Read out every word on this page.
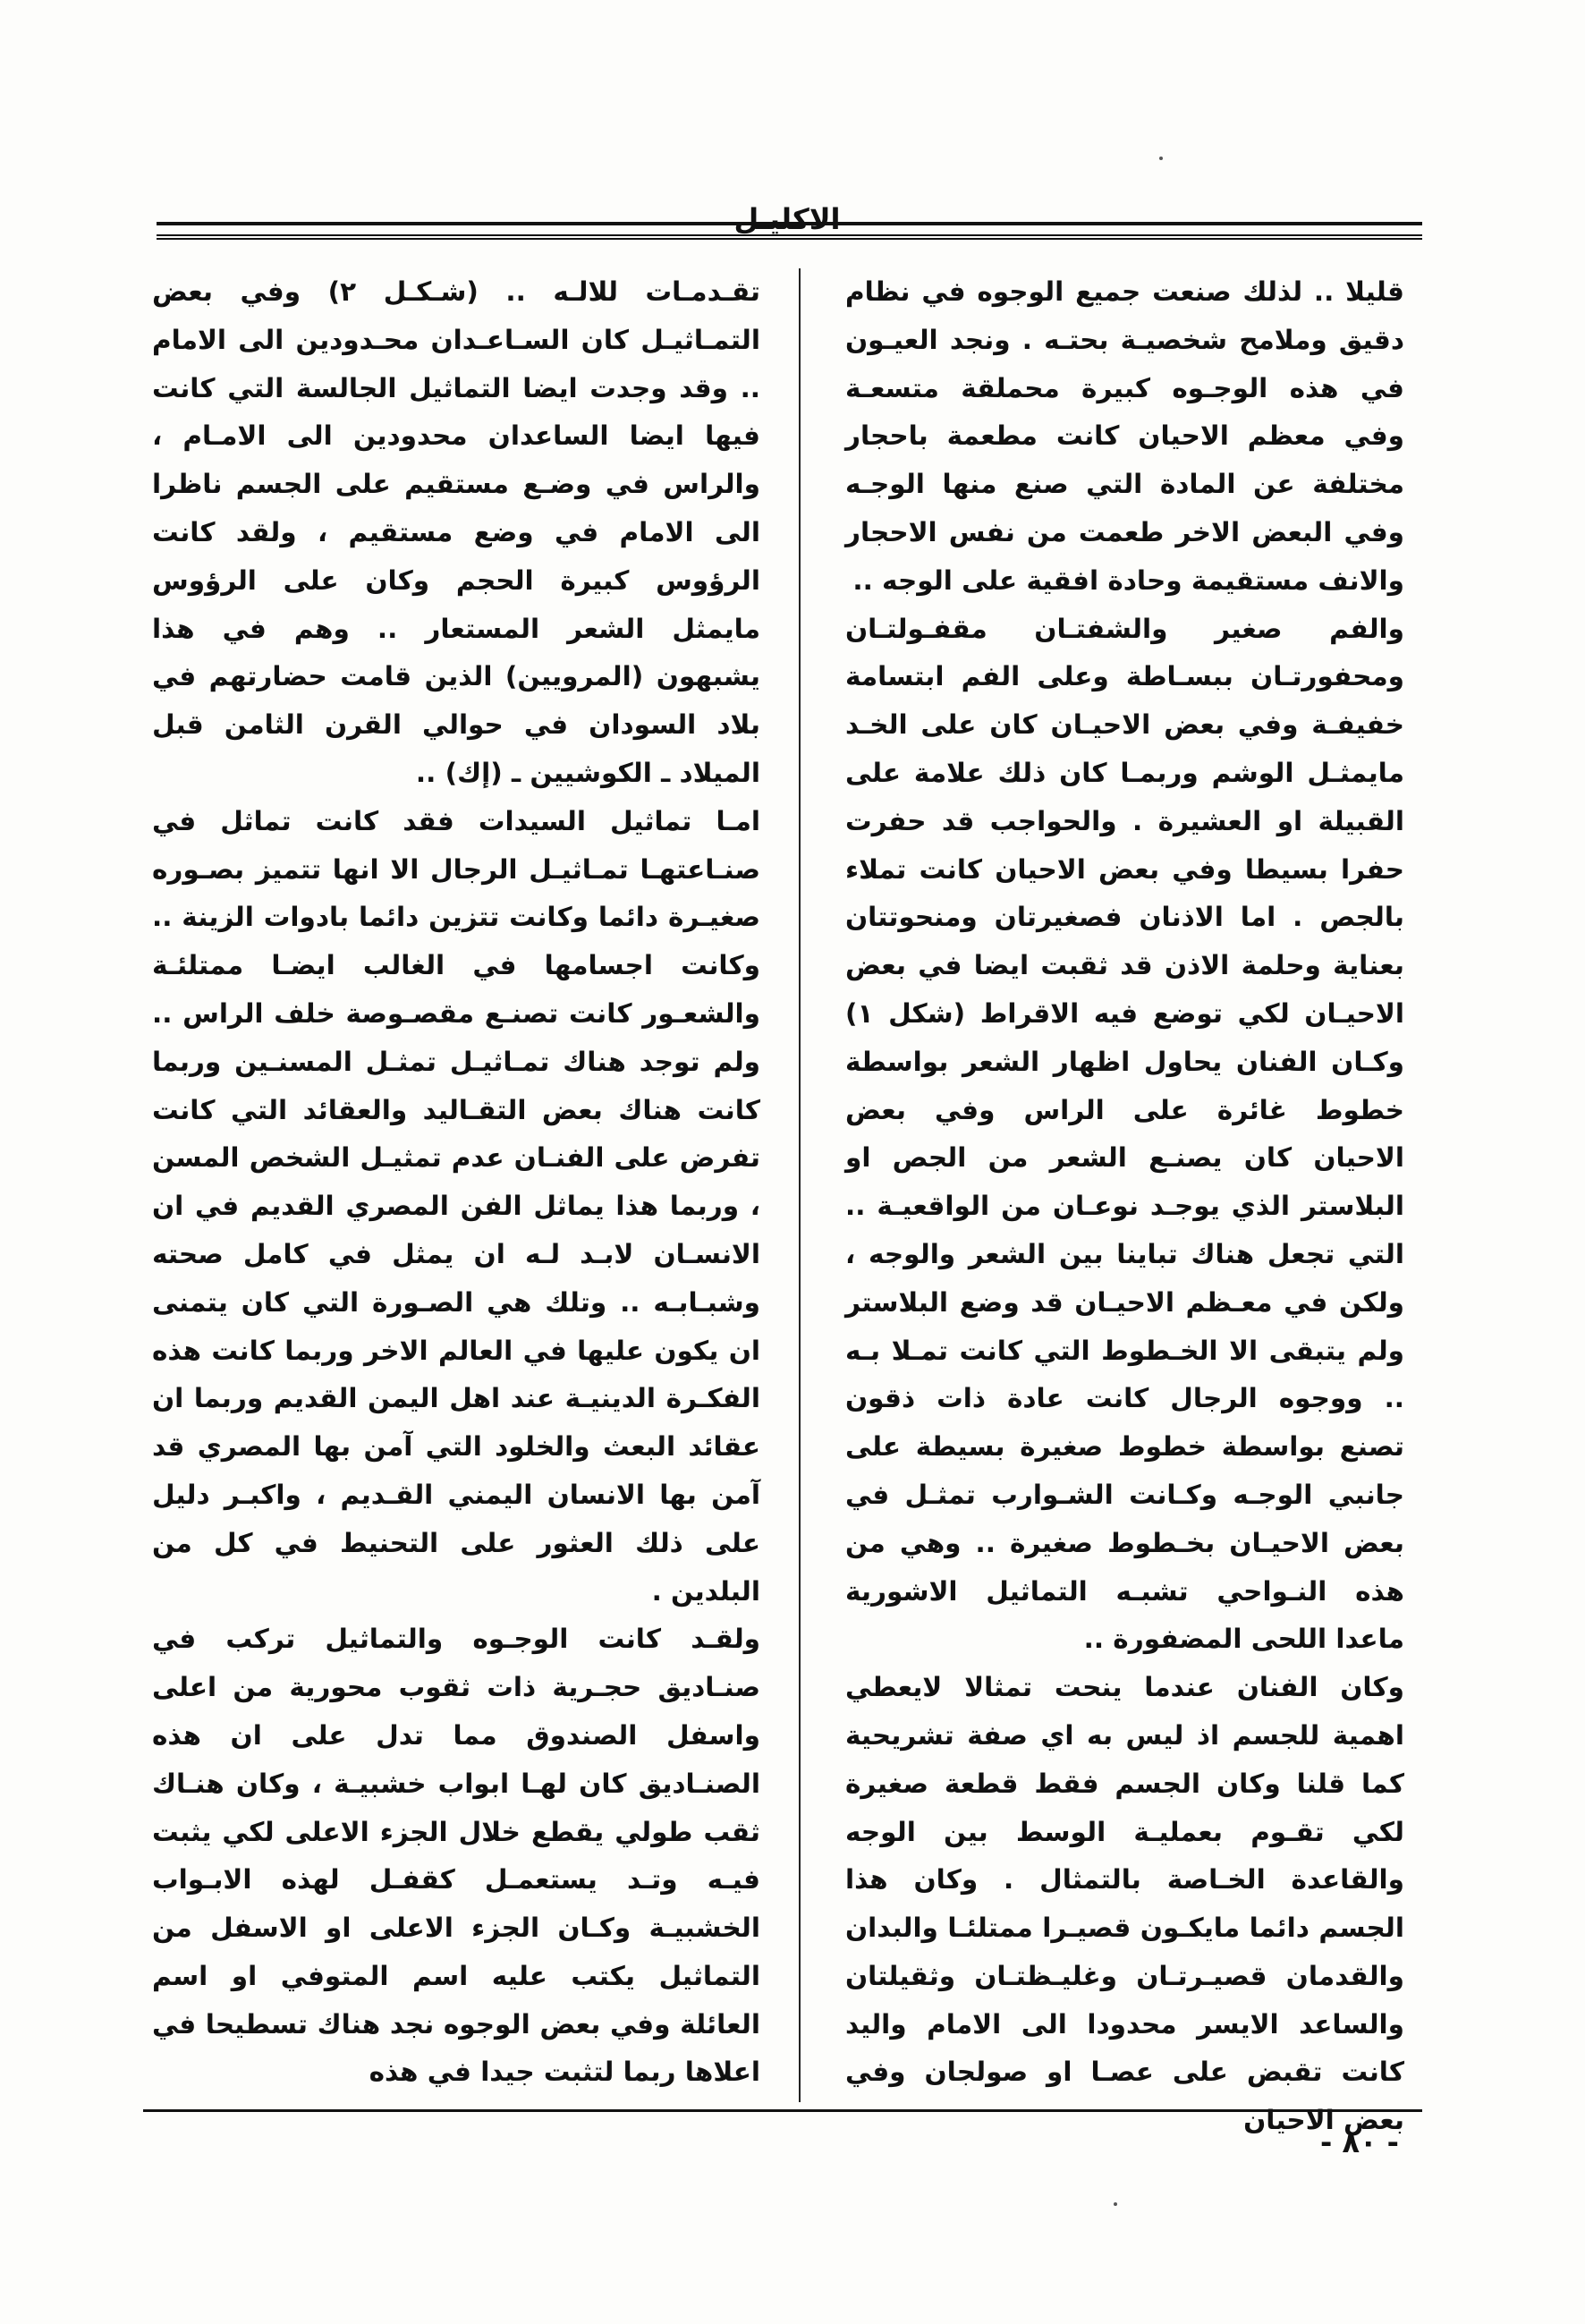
الاكليـل

قليلا .. لذلك صنعت جميع الوجوه في نظام دقيق وملامح شخصيـة بحتـه . ونجد العيـون في هذه الوجـوه كبيرة محملقة متسعـة وفي معظم الاحيان كانت مطعمة باحجار مختلفة عن المادة التي صنع منها الوجـه وفي البعض الاخر طعمت من نفس الاحجار والانف مستقيمة وحادة افقية على الوجه ..

والفم صغير والشفتـان مقفـولتـان ومحفورتـان ببسـاطة وعلى الفم ابتسامة خفيفـة وفي بعض الاحيـان كان على الخـد مايمثـل الوشم وربمـا كان ذلك علامة على القبيلة او العشيرة . والحواجب قد حفرت حفرا بسيطا وفي بعض الاحيان كانت تملاء بالجص . اما الاذنان فصغيرتان ومنحوتتان بعناية وحلمة الاذن قد ثقبت ايضا في بعض الاحيـان لكي توضع فيه الاقراط (شكل ١) وكـان الفنان يحاول اظهار الشعر بواسطة خطوط غائرة على الراس وفي بعض الاحيان كان يصنـع الشعر من الجص او البلاستر الذي يوجـد نوعـان من الواقعيـة .. التي تجعل هناك تباينا بين الشعر والوجه ، ولكن في معـظم الاحيـان قد وضع البلاستر ولم يتبقى الا الخـطوط التي كانت تمـلا بـه .. ووجوه الرجال كانت عادة ذات ذقون تصنع بواسطة خطوط صغيرة بسيطة على جانبي الوجـه وكـانت الشـوارب تمثـل في بعض الاحيـان بخـطوط صغيرة .. وهي من هذه النـواحي تشبـه التماثيل الاشورية ماعدا اللحى المضفورة ..

وكان الفنان عندما ينحت تمثالا لايعطي اهمية للجسم اذ ليس به اي صفة تشريحية كما قلنا وكان الجسم فقط قطعة صغيرة لكي تقـوم بعمليـة الوسط بين الوجه والقاعدة الخـاصة بالتمثال . وكان هذا الجسم دائما مايكـون قصيـرا ممتلئـا والبدان والقدمان قصيـرتـان وغليـظتـان وثقيلتان والساعد الايسر محدودا الى الامام واليد كانت تقبض على عصـا او صولجان وفي بعض الاحيان

تقـدمـات للالـه .. (شـكـل ٢) وفي بعض التمـاثيـل كان السـاعـدان محـدودين الى الامام .. وقد وجدت ايضا التماثيل الجالسة التي كانت فيها ايضا الساعدان محدودين الى الامـام ، والراس في وضـع مستقيم على الجسم ناظرا الى الامام في وضع مستقيم ، ولقد كانت الرؤوس كبيرة الحجم وكان على الرؤوس مايمثل الشعر المستعار .. وهم في هذا يشبهون (المرويين) الذين قامت حضارتهم في بلاد السودان في حوالي القرن الثامن قبل الميلاد ـ الكوشيين ـ (إك) ..

امـا تماثيل السيدات فقد كانت تماثل في صنـاعتهـا تمـاثيـل الرجال الا انها تتميز بصـوره صغيـرة دائما وكانت تتزين دائما بادوات الزينة .. وكانت اجسامها في الغالب ايضـا ممتلئـة والشعـور كانت تصنـع مقصـوصة خلف الراس .. ولم توجد هناك تمـاثيـل تمثـل المسنـين وربما كانت هناك بعض التقـاليد والعقائد التي كانت تفرض على الفنـان عدم تمثيـل الشخص المسن ، وربما هذا يماثل الفن المصري القديم في ان الانسـان لابـد لـه ان يمثل في كامل صحته وشبـابـه .. وتلك هي الصـورة التي كان يتمنى ان يكون عليها في العالم الاخر وربما كانت هذه الفكـرة الدينيـة عند اهل اليمن القديم وربما ان عقائد البعث والخلود التي آمن بها المصري قد آمن بها الانسان اليمني القـديم ، واكبـر دليل على ذلك العثور على التحنيط في كل من البلدين .

ولقـد كانت الوجـوه والتماثيل تركب في صنـاديق حجـرية ذات ثقوب محورية من اعلى واسفل الصندوق مما تدل على ان هذه الصنـاديق كان لهـا ابواب خشبيـة ، وكان هنـاك ثقب طولي يقطع خلال الجزء الاعلى لكي يثبت فيـه وتـد يستعمـل كقفـل لهذه الابـواب الخشبيـة وكـان الجزء الاعلى او الاسفل من التماثيل يكتب عليه اسم المتوفي او اسم العائلة وفي بعض الوجوه نجد هناك تسطيحا في اعلاها ربما لتثبت جيدا في هذه

- ٨٠ -
